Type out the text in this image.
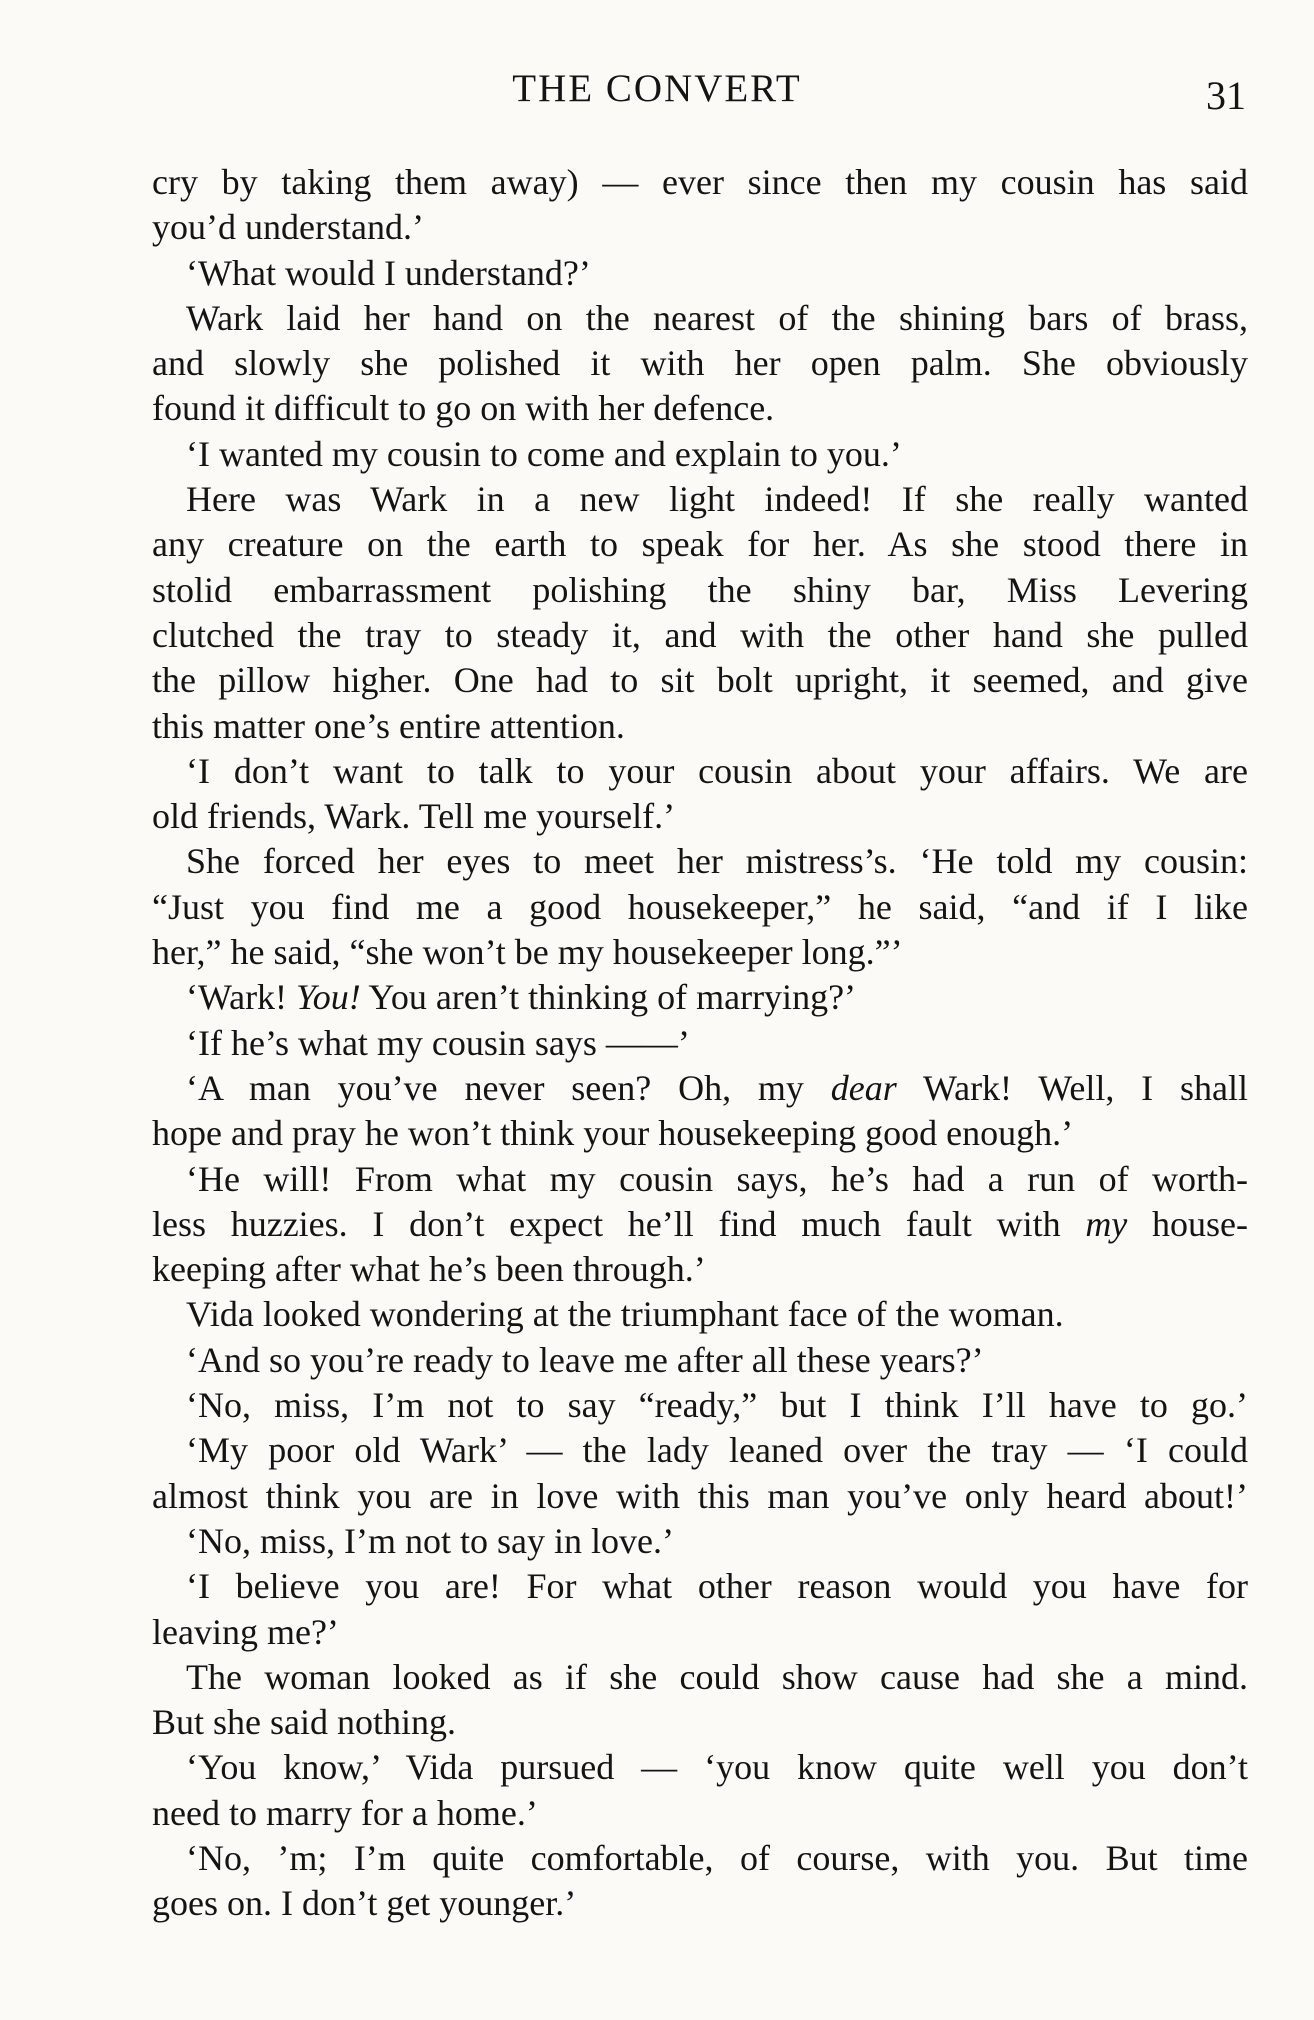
THE CONVERT	31
cry by taking them away) — ever since then my cousin has said
you’d understand.’
‘What would I understand?’
Wark laid her hand on the nearest of the shining bars of brass,
and slowly she polished it with her open palm. She obviously
found it difficult to go on with her defence.
‘I wanted my cousin to come and explain to you.’
Here was Wark in a new light indeed! If she really wanted
any creature on the earth to speak for her. As she stood there in
stolid embarrassment polishing the shiny bar, Miss Levering
clutched the tray to steady it, and with the other hand she pulled
the pillow higher. One had to sit bolt upright, it seemed, and give
this matter one’s entire attention.
‘I don’t want to talk to your cousin about your affairs. We are
old friends, Wark. Tell me yourself.’
She forced her eyes to meet her mistress’s. ‘He told my cousin:
“Just you find me a good housekeeper,” he said, “and if I like
her,” he said, “she won’t be my housekeeper long.”’
‘Wark! You! You aren’t thinking of marrying?’
‘If he’s what my cousin says ——’
‘A man you’ve never seen? Oh, my dear Wark! Well, I shall
hope and pray he won’t think your housekeeping good enough.’
‘He will! From what my cousin says, he’s had a run of worth-
less huzzies. I don’t expect he’ll find much fault with my house-
keeping after what he’s been through.’
Vida looked wondering at the triumphant face of the woman.
‘And so you’re ready to leave me after all these years?’
‘No, miss, I’m not to say “ready,” but I think I’ll have to go.’
‘My poor old Wark’ — the lady leaned over the tray — ‘I could
almost think you are in love with this man you’ve only heard about!’
‘No, miss, I’m not to say in love.’
‘I believe you are! For what other reason would you have for
leaving me?’
The woman looked as if she could show cause had she a mind.
But she said nothing.
‘You know,’ Vida pursued — ‘you know quite well you don’t
need to marry for a home.’
‘No, ’m; I’m quite comfortable, of course, with you. But time
goes on. I don’t get younger.’
